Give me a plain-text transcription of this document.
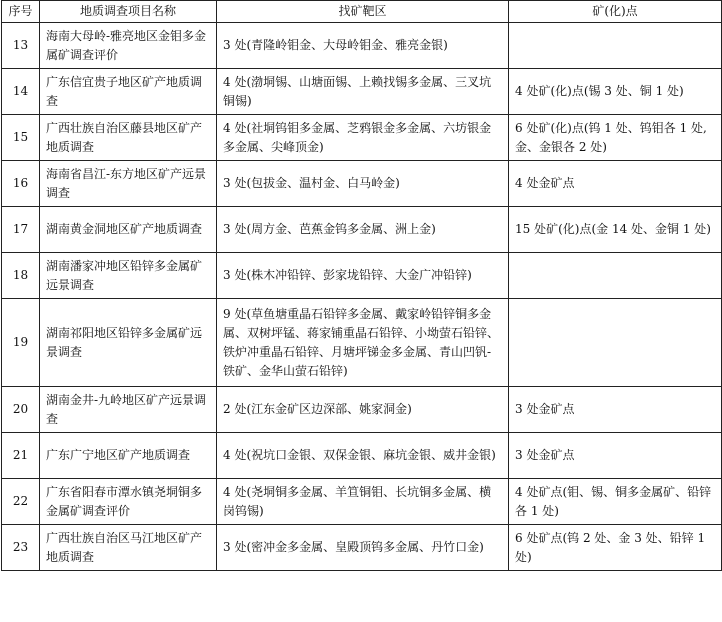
序号	地质调查项目名称	找矿靶区	矿(化)点
13	海南大母岭-雅亮地区金钼多金属矿调查评价	3 处(青隆岭钼金、大母岭钼金、雅亮金银)	
14	广东信宜贵子地区矿产地质调查	4 处(渤垌锡、山塘面锡、上赖找锡多金属、三叉坑铜锡)	4 处矿(化)点(锡 3 处、铜 1 处)
15	广西壮族自治区藤县地区矿产地质调查	4 处(社垌钨钼多金属、芝鸦银金多金属、六坊银金多金属、尖峰顶金)	6 处矿(化)点(钨 1 处、钨钼各 1 处,金、金银各 2 处)
16	海南省昌江-东方地区矿产远景调查	3 处(包拔金、温村金、白马岭金)	4 处金矿点
17	湖南黄金洞地区矿产地质调查	3 处(周方金、芭蕉金钨多金属、洲上金)	15 处矿(化)点(金 14 处、金铜 1 处)
18	湖南潘家冲地区铅锌多金属矿远景调查	3 处(株木冲铅锌、彭家垅铅锌、大金广冲铅锌)	
19	湖南祁阳地区铅锌多金属矿远景调查	9 处(草鱼塘重晶石铅锌多金属、戴家岭铅锌铜多金属、双树坪锰、蒋家铺重晶石铅锌、小坳萤石铅锌、铁炉冲重晶石铅锌、月塘坪锑金多金属、青山凹钒-铁矿、金华山萤石铅锌)	
20	湖南金井-九岭地区矿产远景调查	2 处(江东金矿区边深部、姚家洞金)	3 处金矿点
21	广东广宁地区矿产地质调查	4 处(祝坑口金银、双保金银、麻坑金银、威井金银)	3 处金矿点
22	广东省阳春市潭水镇尧垌铜多金属矿调查评价	4 处(尧垌铜多金属、羊笪铜钼、长坑铜多金属、横岗钨锡)	4 处矿点(钼、锡、铜多金属矿、铅锌各 1 处)
23	广西壮族自治区马江地区矿产地质调查	3 处(密冲金多金属、皇殿顶钨多金属、丹竹口金)	6 处矿点(钨 2 处、金 3 处、铅锌 1 处)
